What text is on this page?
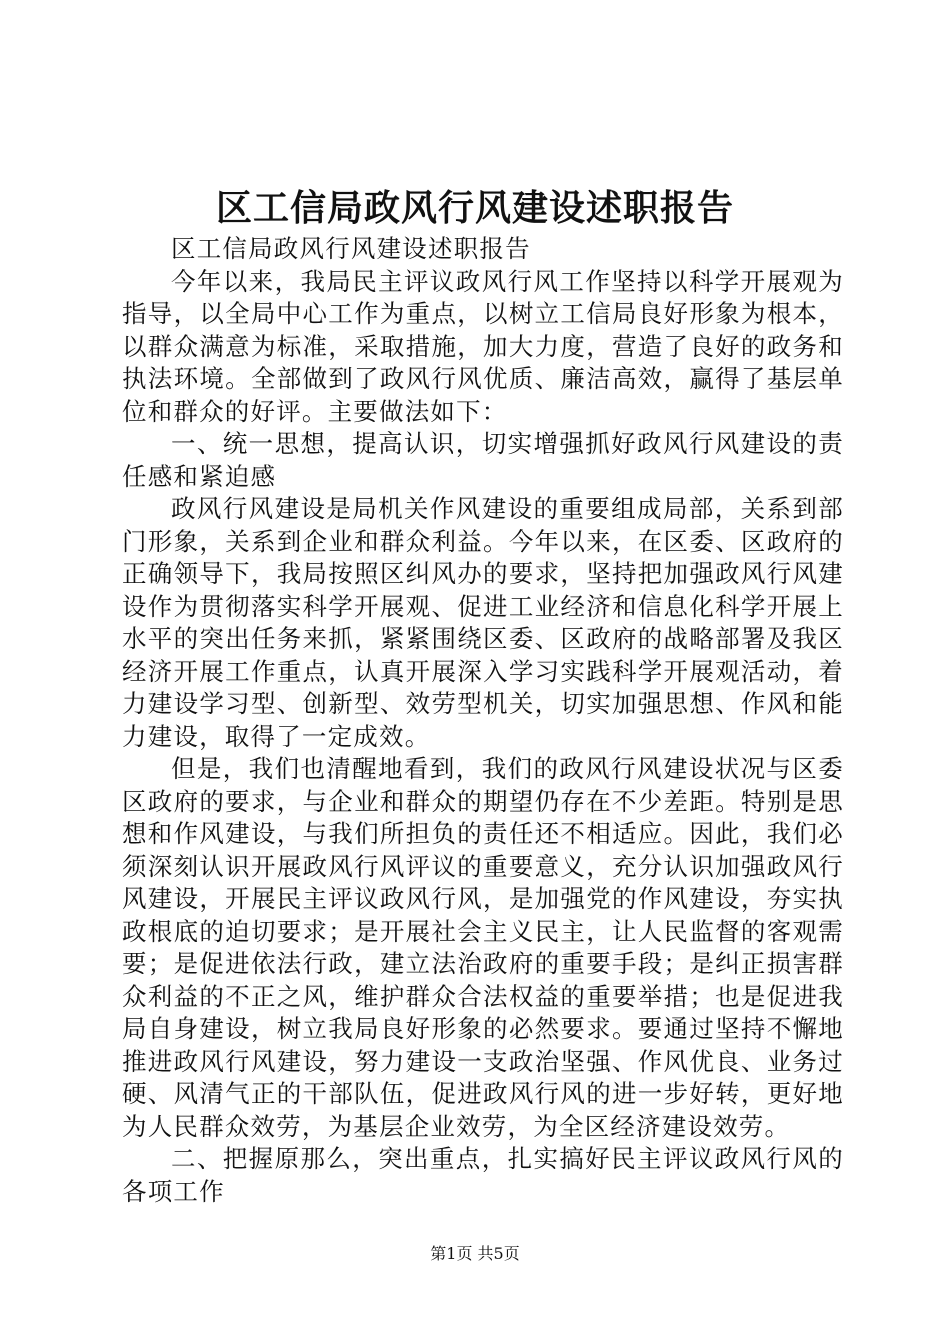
区工信局政风行风建设述职报告

区工信局政风行风建设述职报告

今年以来，我局民主评议政风行风工作坚持以科学开展观为指导，以全局中心工作为重点，以树立工信局良好形象为根本，以群众满意为标准，采取措施，加大力度，营造了良好的政务和执法环境。全部做到了政风行风优质、廉洁高效，赢得了基层单位和群众的好评。主要做法如下：

一、统一思想，提高认识，切实增强抓好政风行风建设的责任感和紧迫感

政风行风建设是局机关作风建设的重要组成局部，关系到部门形象，关系到企业和群众利益。今年以来，在区委、区政府的正确领导下，我局按照区纠风办的要求，坚持把加强政风行风建设作为贯彻落实科学开展观、促进工业经济和信息化科学开展上水平的突出任务来抓，紧紧围绕区委、区政府的战略部署及我区经济开展工作重点，认真开展深入学习实践科学开展观活动，着力建设学习型、创新型、效劳型机关，切实加强思想、作风和能力建设，取得了一定成效。

但是，我们也清醒地看到，我们的政风行风建设状况与区委区政府的要求，与企业和群众的期望仍存在不少差距。特别是思想和作风建设，与我们所担负的责任还不相适应。因此，我们必须深刻认识开展政风行风评议的重要意义，充分认识加强政风行风建设，开展民主评议政风行风，是加强党的作风建设，夯实执政根底的迫切要求；是开展社会主义民主，让人民监督的客观需要；是促进依法行政，建立法治政府的重要手段；是纠正损害群众利益的不正之风，维护群众合法权益的重要举措；也是促进我局自身建设，树立我局良好形象的必然要求。要通过坚持不懈地推进政风行风建设，努力建设一支政治坚强、作风优良、业务过硬、风清气正的干部队伍，促进政风行风的进一步好转，更好地为人民群众效劳，为基层企业效劳，为全区经济建设效劳。

二、把握原那么，突出重点，扎实搞好民主评议政风行风的各项工作

第1页 共5页
